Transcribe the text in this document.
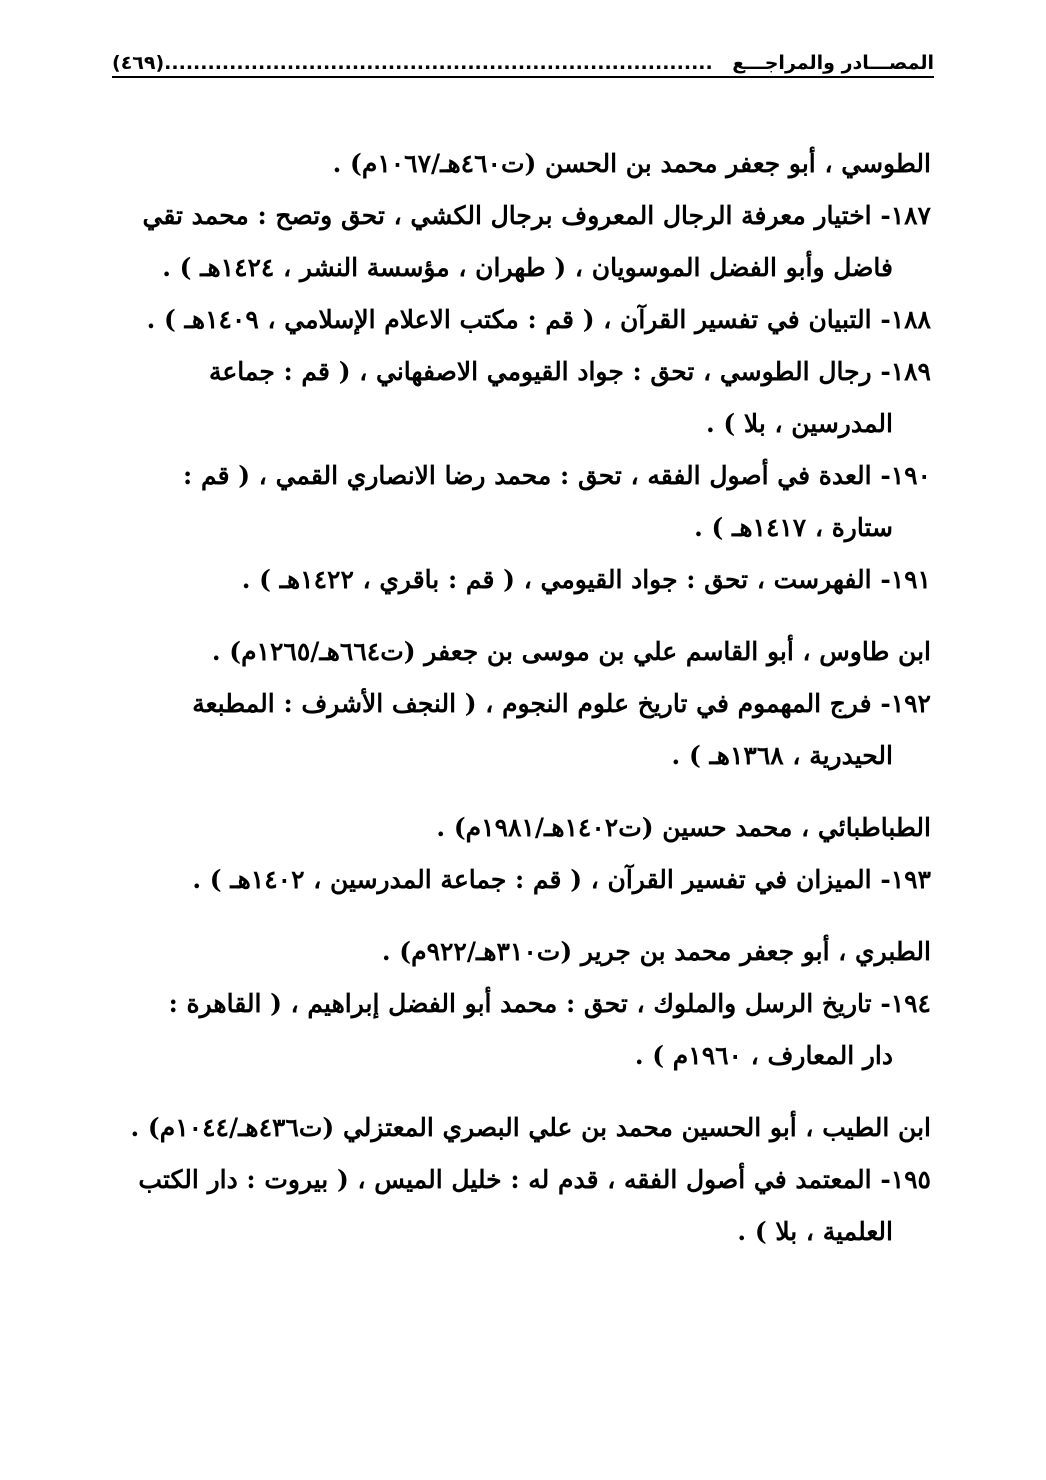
المصـــادر والمراجـــع
............................................................................(٤٦٩)

الطوسي ، أبو جعفر محمد بن الحسن (ت٤٦٠هـ/١٠٦٧م) .

١٨٧- اختيار معرفة الرجال المعروف برجال الكشي ، تحق وتصح : محمد تقي
فاضل وأبو الفضل الموسويان ، ( طهران ، مؤسسة النشر ، ١٤٢٤هـ ) .

١٨٨- التبيان في تفسير القرآن ، ( قم : مكتب الاعلام الإسلامي ، ١٤٠٩هـ ) .

١٨٩- رجال الطوسي ، تحق : جواد القيومي الاصفهاني ، ( قم : جماعة
المدرسين ، بلا ) .

١٩٠- العدة في أصول الفقه ، تحق : محمد رضا الانصاري القمي ، ( قم :
ستارة ، ١٤١٧هـ ) .

١٩١- الفهرست ، تحق : جواد القيومي ، ( قم : باقري ، ١٤٢٢هـ ) .

ابن طاوس ، أبو القاسم علي بن موسى بن جعفر (ت٦٦٤هـ/١٢٦٥م) .

١٩٢- فرج المهموم في تاريخ علوم النجوم ، ( النجف الأشرف : المطبعة
الحيدرية ، ١٣٦٨هـ ) .

الطباطبائي ، محمد حسين (ت١٤٠٢هـ/١٩٨١م) .

١٩٣- الميزان في تفسير القرآن ، ( قم : جماعة المدرسين ، ١٤٠٢هـ ) .

الطبري ، أبو جعفر محمد بن جرير (ت٣١٠هـ/٩٢٢م) .

١٩٤- تاريخ الرسل والملوك ، تحق : محمد أبو الفضل إبراهيم ، ( القاهرة :
دار المعارف ، ١٩٦٠م ) .

ابن الطيب ، أبو الحسين محمد بن علي البصري المعتزلي (ت٤٣٦هـ/١٠٤٤م) .

١٩٥- المعتمد في أصول الفقه ، قدم له : خليل الميس ، ( بيروت : دار الكتب
العلمية ، بلا ) .
